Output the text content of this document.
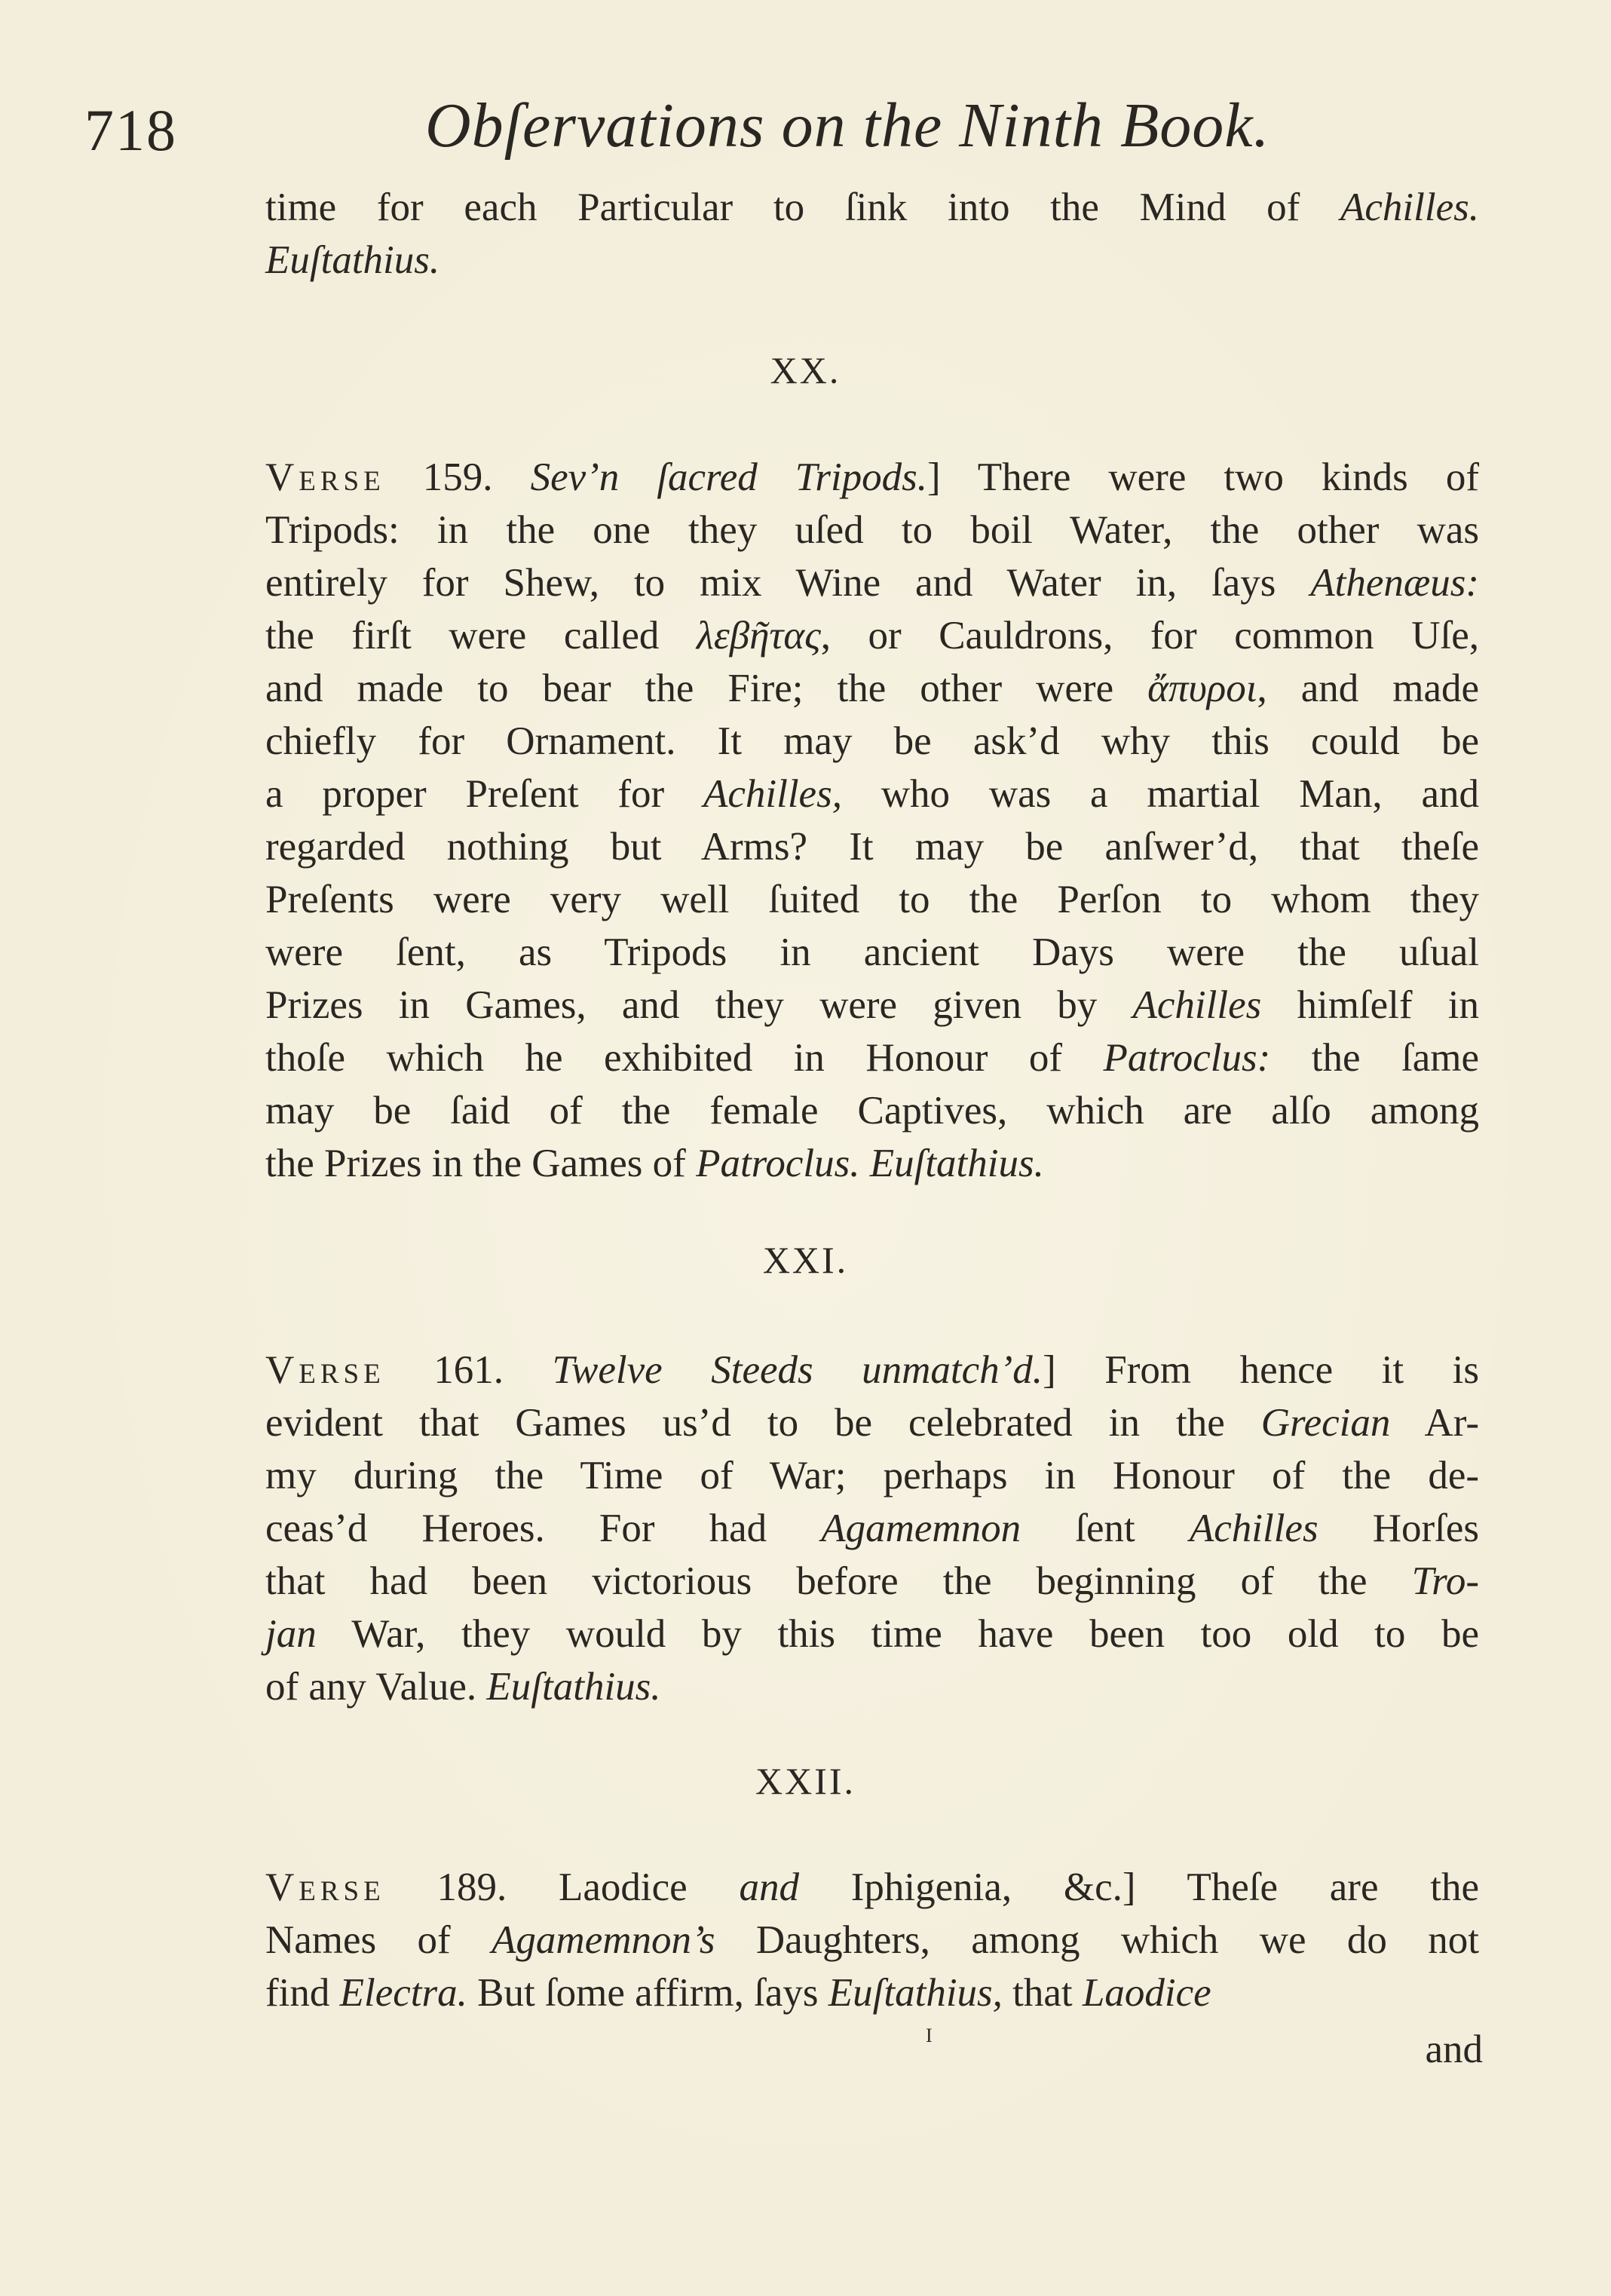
718	Obſervations on the Ninth Book.
time for each Particular to ſink into the Mind of Achilles.
Euſtathius.
XX.
Verse 159. Sev’n ſacred Tripods.] There were two kinds of
Tripods: in the one they uſed to boil Water, the other was
entirely for Shew, to mix Wine and Water in, ſays Athenæus:
the firſt were called λεβῆτας, or Cauldrons, for common Uſe,
and made to bear the Fire; the other were ἄπυροι, and made
chiefly for Ornament. It may be ask’d why this could be
a proper Preſent for Achilles, who was a martial Man, and
regarded nothing but Arms? It may be anſwer’d, that theſe
Preſents were very well ſuited to the Perſon to whom they
were ſent, as Tripods in ancient Days were the uſual
Prizes in Games, and they were given by Achilles himſelf in
thoſe which he exhibited in Honour of Patroclus: the ſame
may be ſaid of the female Captives, which are alſo among
the Prizes in the Games of Patroclus. Euſtathius.
XXI.
Verse 161. Twelve Steeds unmatch’d.] From hence it is
evident that Games us’d to be celebrated in the Grecian Ar-
my during the Time of War; perhaps in Honour of the de-
ceas’d Heroes. For had Agamemnon ſent Achilles Horſes
that had been victorious before the beginning of the Tro-
jan War, they would by this time have been too old to be
of any Value. Euſtathius.
XXII.
Verse 189. Laodice and Iphigenia, &c.] Theſe are the
Names of Agamemnon’s Daughters, among which we do not
find Electra. But ſome affirm, ſays Euſtathius, that Laodice
I	and
